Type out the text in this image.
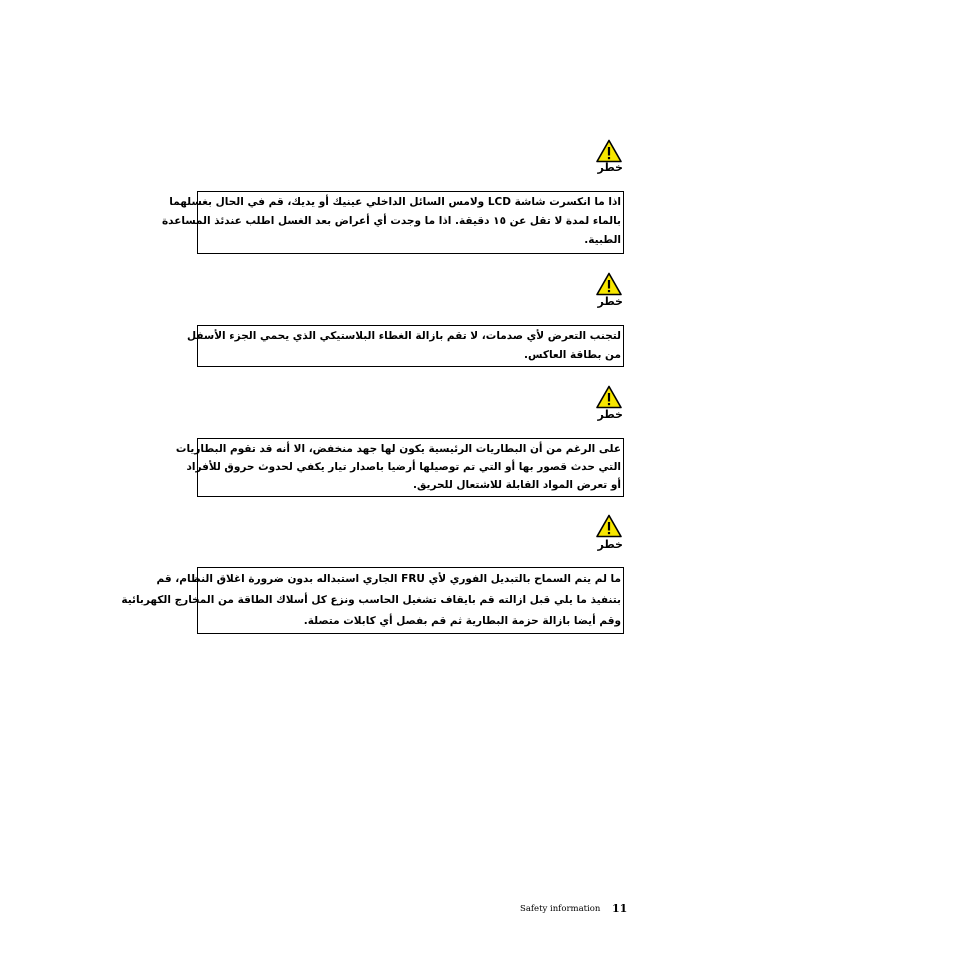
خطر

اذا ما انكسرت شاشة LCD ولامس السائل الداخلي عينيك أو يديك، قم في الحال بغسلهما

بالماء لمدة لا تقل عن ١٥ دقيقة. اذا ما وجدت أي أعراض بعد الغسل اطلب عندئذ المساعدة

الطبية.

خطر

لتجنب التعرض لأي صدمات، لا تقم بازالة الغطاء البلاستيكي الذي يحمي الجزء الأسفل

من بطاقة العاكس.

خطر

على الرغم من أن البطاريات الرئيسية يكون لها جهد منخفض، الا أنه قد تقوم البطاريات

التي حدث قصور بها أو التي تم توصيلها أرضيا باصدار تيار يكفي لحدوث حروق للأفراد

أو تعرض المواد القابلة للاشتعال للحريق.

خطر

ما لم يتم السماح بالتبديل الفوري لأي FRU الجاري استبداله بدون ضرورة اغلاق النظام، قم

بتنفيذ ما يلي قبل ازالته قم بايقاف تشغيل الحاسب ونزع كل أسلاك الطاقة من المخارج الكهربائية

وقم أيضا بازالة حزمة البطارية ثم قم بفصل أي كابلات متصلة.

Safety information 11
